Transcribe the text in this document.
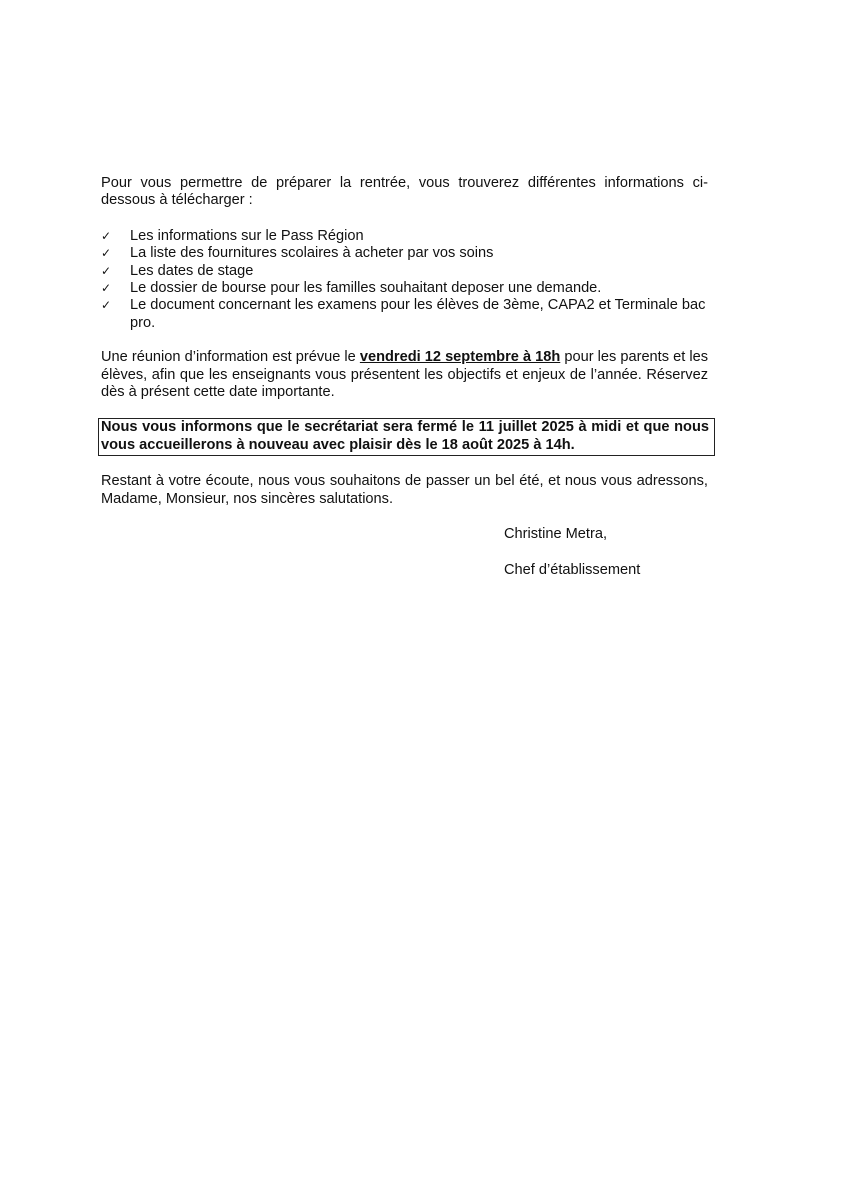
Pour vous permettre de préparer la rentrée, vous trouverez différentes informations ci-dessous à télécharger :

✓ Les informations sur le Pass Région
✓ La liste des fournitures scolaires à acheter par vos soins
✓ Les dates de stage
✓ Le dossier de bourse pour les familles souhaitant deposer une demande.
✓ Le document concernant les examens pour les élèves de 3ème, CAPA2 et Terminale bac pro.

Une réunion d’information est prévue le vendredi 12 septembre à 18h pour les parents et les élèves, afin que les enseignants vous présentent les objectifs et enjeux de l’année. Réservez dès à présent cette date importante.

Nous vous informons que le secrétariat sera fermé le 11 juillet 2025 à midi et que nous vous accueillerons à nouveau avec plaisir dès le 18 août 2025 à 14h.

Restant à votre écoute, nous vous souhaitons de passer un bel été, et nous vous adressons, Madame, Monsieur, nos sincères salutations.

Christine Metra,
Chef d’établissement
